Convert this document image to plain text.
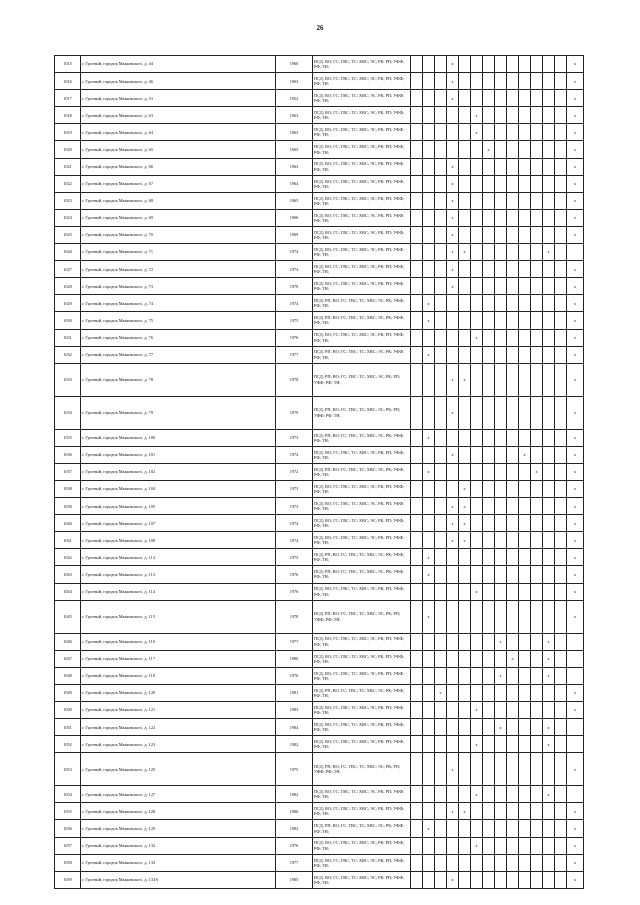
26
1015	г. Грозный, городок Маяковского, д. 44	1960	ПСД; ВО; ГС; ГВС; ТС; ХВС; ЭС; РК; РП; УФФ; РФ; ТН;				х										х
1016	г. Грозный, городок Маяковского, д. 46	1963	ПСД; ВО; ГС; ГВС; ТС; ХВС; ЭС; РК; РП; УФФ; РФ; ТН;				х										х
1017	г. Грозный, городок Маяковского, д. 53	1952	ПСД; ВО; ГС; ГВС; ТС; ХВС; ЭС; РК; РП; УФФ; РФ; ТН;				х										х
1018	г. Грозный, городок Маяковского, д. 63	1963	ПСД; ВО; ГС; ГВС; ТС; ХВС; ЭС; РК; РП; УФФ; РФ; ТН;						х								х
1019	г. Грозный, городок Маяковского, д. 64	1963	ПСД; ВО; ГС; ГВС; ТС; ХВС; ЭС; РК; РП; УФФ; РФ; ТН;						х								х
1020	г. Грозный, городок Маяковского, д. 65	1965	ПСД; ВО; ГС; ГВС; ТС; ХВС; ЭС; РК; РП; УФФ; РФ; ТН;							х							х
1021	г. Грозный, городок Маяковского, д. 66	1963	ПСД; ВО; ГС; ГВС; ТС; ХВС; ЭС; РК; РП; УФФ; РФ; ТН;				х										х
1022	г. Грозный, городок Маяковского, д. 67	1964	ПСД; ВО; ГС; ГВС; ТС; ХВС; ЭС; РК; РП; УФФ; РФ; ТН;				х										х
1023	г. Грозный, городок Маяковского, д. 68	1965	ПСД; ВО; ГС; ГВС; ТС; ХВС; ЭС; РК; РП; УФФ; РФ; ТН;				х										х
1024	г. Грозный, городок Маяковского, д. 69	1966	ПСД; ВО; ГС; ГВС; ТС; ХВС; ЭС; РК; РП; УФФ; РФ; ТН;				х										х
1025	г. Грозный, городок Маяковского, д. 70	1969	ПСД; ВО; ГС; ГВС; ТС; ХВС; ЭС; РК; РП; УФФ; РФ; ТН;				х										х
1026	г. Грозный, городок Маяковского, д. 71	1974	ПСД; ВО; ГС; ГВС; ТС; ХВС; ЭС; РК; РП; УФФ; РФ; ТН;				х	х							х		
1027	г. Грозный, городок Маяковского, д. 72	1974	ПСД; ВО; ГС; ГВС; ТС; ХВС; ЭС; РК; РП; УФФ; РФ; ТН;				х										х
1028	г. Грозный, городок Маяковского, д. 73	1978	ПСД; ВО; ГС; ГВС; ТС; ХВС; ЭС; РК; РП; УФФ; РФ; ТН;				х										х
1029	г. Грозный, городок Маяковского, д. 74	1974	ПСД; РП; ВО; ГС; ГВС; ТС; ХВС; ЭС; РК; УФФ; РФ; ТН;		х												х
1030	г. Грозный, городок Маяковского, д. 75	1975	ПСД; РП; ВО; ГС; ГВС; ТС; ХВС; ЭС; РК; УФФ; РФ; ТН;		х												х
1031	г. Грозный, городок Маяковского, д. 76	1976	ПСД; ВО; ГС; ГВС; ТС; ХВС; ЭС; РК; РП; УФФ; РФ; ТН;						х								х
1032	г. Грозный, городок Маяковского, д. 77	1977	ПСД; РП; ВО; ГС; ГВС; ТС; ХВС; ЭС; РК; УФФ; РФ; ТН;		х												х
1033	г. Грозный, городок Маяковского, д. 78	1978	ПСД; РП; ВО; ГС; ГВС; ТС; ХВС; ЭС; РК; РП; УФФ; РФ; ТН;				х	х									х
1034	г. Грозный, городок Маяковского, д. 79	1979	ПСД; РП; ВО; ГС; ГВС; ТС; ХВС; ЭС; РК; РП; УФФ; РФ; ТН;				х										х
1035	г. Грозный, городок Маяковского, д. 100	1973	ПСД; РП; ВО; ГС; ГВС; ТС; ХВС; ЭС; РК; УФФ; РФ; ТН;		х												х
1036	г. Грозный, городок Маяковского, д. 101	1974	ПСД; ВО; ГС; ГВС; ТС; ХВС; ЭС; РК; РП; УФФ; РФ; ТН;				х						х				х
1037	г. Грозный, городок Маяковского, д. 102	1972	ПСД; РП; ВО; ГС; ГВС; ТС; ХВС; ЭС; РК; УФФ; РФ; ТН;		х									х			х
1038	г. Грозный, городок Маяковского, д. 104	1973	ПСД; ВО; ГС; ГВС; ТС; ХВС; ЭС; РК; РП; УФФ; РФ; ТН;					х									х
1039	г. Грозный, городок Маяковского, д. 105	1973	ПСД; ВО; ГС; ГВС; ТС; ХВС; ЭС; РК; РП; УФФ; РФ; ТН;				х	х									х
1040	г. Грозный, городок Маяковского, д. 107	1974	ПСД; ВО; ГС; ГВС; ТС; ХВС; ЭС; РК; РП; УФФ; РФ; ТН;				х	х									х
1041	г. Грозный, городок Маяковского, д. 108	1974	ПСД; ВО; ГС; ГВС; ТС; ХВС; ЭС; РК; РП; УФФ; РФ; ТН;				х	х									х
1042	г. Грозный, городок Маяковского, д. 112	1975	ПСД; РП; ВО; ГС; ГВС; ТС; ХВС; ЭС; РК; УФФ; РФ; ТН;		х												х
1043	г. Грозный, городок Маяковского, д. 113	1976	ПСД; РП; ВО; ГС; ГВС; ТС; ХВС; ЭС; РК; УФФ; РФ; ТН;		х												х
1044	г. Грозный, городок Маяковского, д. 114	1976	ПСД; ВО; ГС; ГВС; ТС; ХВС; ЭС; РК; РП; УФФ; РФ; ТН;						х								х
1045	г. Грозный, городок Маяковского, д. 115	1978	ПСД; РП; ВО; ГС; ГВС; ТС; ХВС; ЭС; РК; РП; УФФ; РФ; ТН;		х												х
1046	г. Грозный, городок Маяковского, д. 116	1977	ПСД; ВО; ГС; ГВС; ТС; ХВС; ЭС; РК; РП; УФФ; РФ; ТН;								х				х		
1047	г. Грозный, городок Маяковского, д. 117	1980	ПСД; ВО; ГС; ГВС; ТС; ХВС; ЭС; РК; РП; УФФ; РФ; ТН;									х			х		
1048	г. Грозный, городок Маяковского, д. 118	1976	ПСД; ВО; ГС; ГВС; ТС; ХВС; ЭС; РК; РП; УФФ; РФ; ТН;								х				х		
1049	г. Грозный, городок Маяковского, д. 120	1981	ПСД; РП; ВО; ГС; ГВС; ТС; ХВС; ЭС; РК; УФФ; РФ; ТН;			х											х
1050	г. Грозный, городок Маяковского, д. 121	1983	ПСД; ВО; ГС; ГВС; ТС; ХВС; ЭС; РК; РП; УФФ; РФ; ТН;						х								х
1051	г. Грозный, городок Маяковского, д. 122	1984	ПСД; ВО; ГС; ГВС; ТС; ХВС; ЭС; РК; РП; УФФ; РФ; ТН;								х				х		
1052	г. Грозный, городок Маяковского, д. 123	1982	ПСД; ВО; ГС; ГВС; ТС; ХВС; ЭС; РК; РП; УФФ; РФ; ТН;						х						х		
1053	г. Грозный, городок Маяковского, д. 125	1975	ПСД; РП; ВО; ГС; ГВС; ТС; ХВС; ЭС; РК; РП; УФФ; РФ; ТН;				х										х
1054	г. Грозный, городок Маяковского, д. 127	1982	ПСД; ВО; ГС; ГВС; ТС; ХВС; ЭС; РК; РП; УФФ; РФ; ТН;						х						х		
1055	г. Грозный, городок Маяковского, д. 128	1986	ПСД; ВО; ГС; ГВС; ТС; ХВС; ЭС; РК; РП; УФФ; РФ; ТН;				х	х									х
1056	г. Грозный, городок Маяковского, д. 129	1982	ПСД; РП; ВО; ГС; ГВС; ТС; ХВС; ЭС; РК; УФФ; РФ; ТН;		х												х
1057	г. Грозный, городок Маяковского, д. 132	1976	ПСД; ВО; ГС; ГВС; ТС; ХВС; ЭС; РК; РП; УФФ; РФ; ТН;						х								х
1058	г. Грозный, городок Маяковского, д. 133	1977	ПСД; ВО; ГС; ГВС; ТС; ХВС; ЭС; РК; РП; УФФ; РФ; ТН;														х
1059	г. Грозный, городок Маяковского, д. 133А	1985	ПСД; ВО; ГС; ГВС; ТС; ХВС; ЭС; РК; РП; УФФ; РФ; ТН;				х										х
